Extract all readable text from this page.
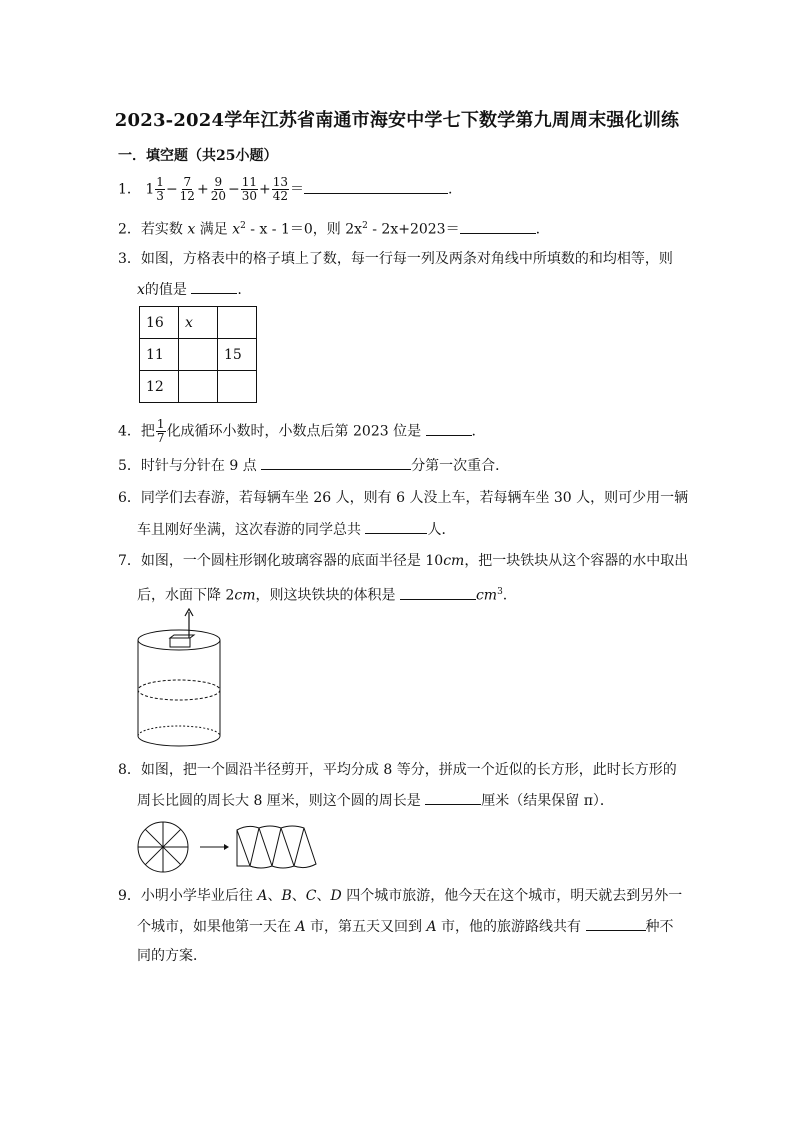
2023-2024学年江苏省南通市海安中学七下数学第九周周末强化训练
一．填空题（共25小题）
1． $1 \frac{1}{3} - \frac{7}{12} + \frac{9}{20} - \frac{11}{30} + \frac{13}{42}$ ＝	.
2．若实数 x 满足 $x^2 - x - 1=0$，则 $2x^2 - 2x+2023=$	.
3．如图，方格表中的格子填上了数，每一行每一列及两条对角线中所填数的和均相等，则
x的值是	.
16	x	
11		15
12		
4．把 $\frac{1}{7}$ 化成循环小数时，小数点后第 2023 位是	.
5．时针与分针在 9 点	分第一次重合．
6．同学们去春游，若每辆车坐 26 人，则有 6 人没上车，若每辆车坐 30 人，则可少用一辆
车且刚好坐满，这次春游的同学总共	人．
7．如图，一个圆柱形钢化玻璃容器的底面半径是 10cm，把一块铁块从这个容器的水中取出
后，水面下降 2cm，则这块铁块的体积是	$cm^3$.
8．如图，把一个圆沿半径剪开，平均分成 8 等分，拼成一个近似的长方形，此时长方形的
周长比圆的周长大 8 厘米，则这个圆的周长是	厘米（结果保留 π）．
9．小明小学毕业后往 A、B、C、D 四个城市旅游，他今天在这个城市，明天就去到另外一
个城市，如果他第一天在 A 市，第五天又回到 A 市，他的旅游路线共有	种不
同的方案．
